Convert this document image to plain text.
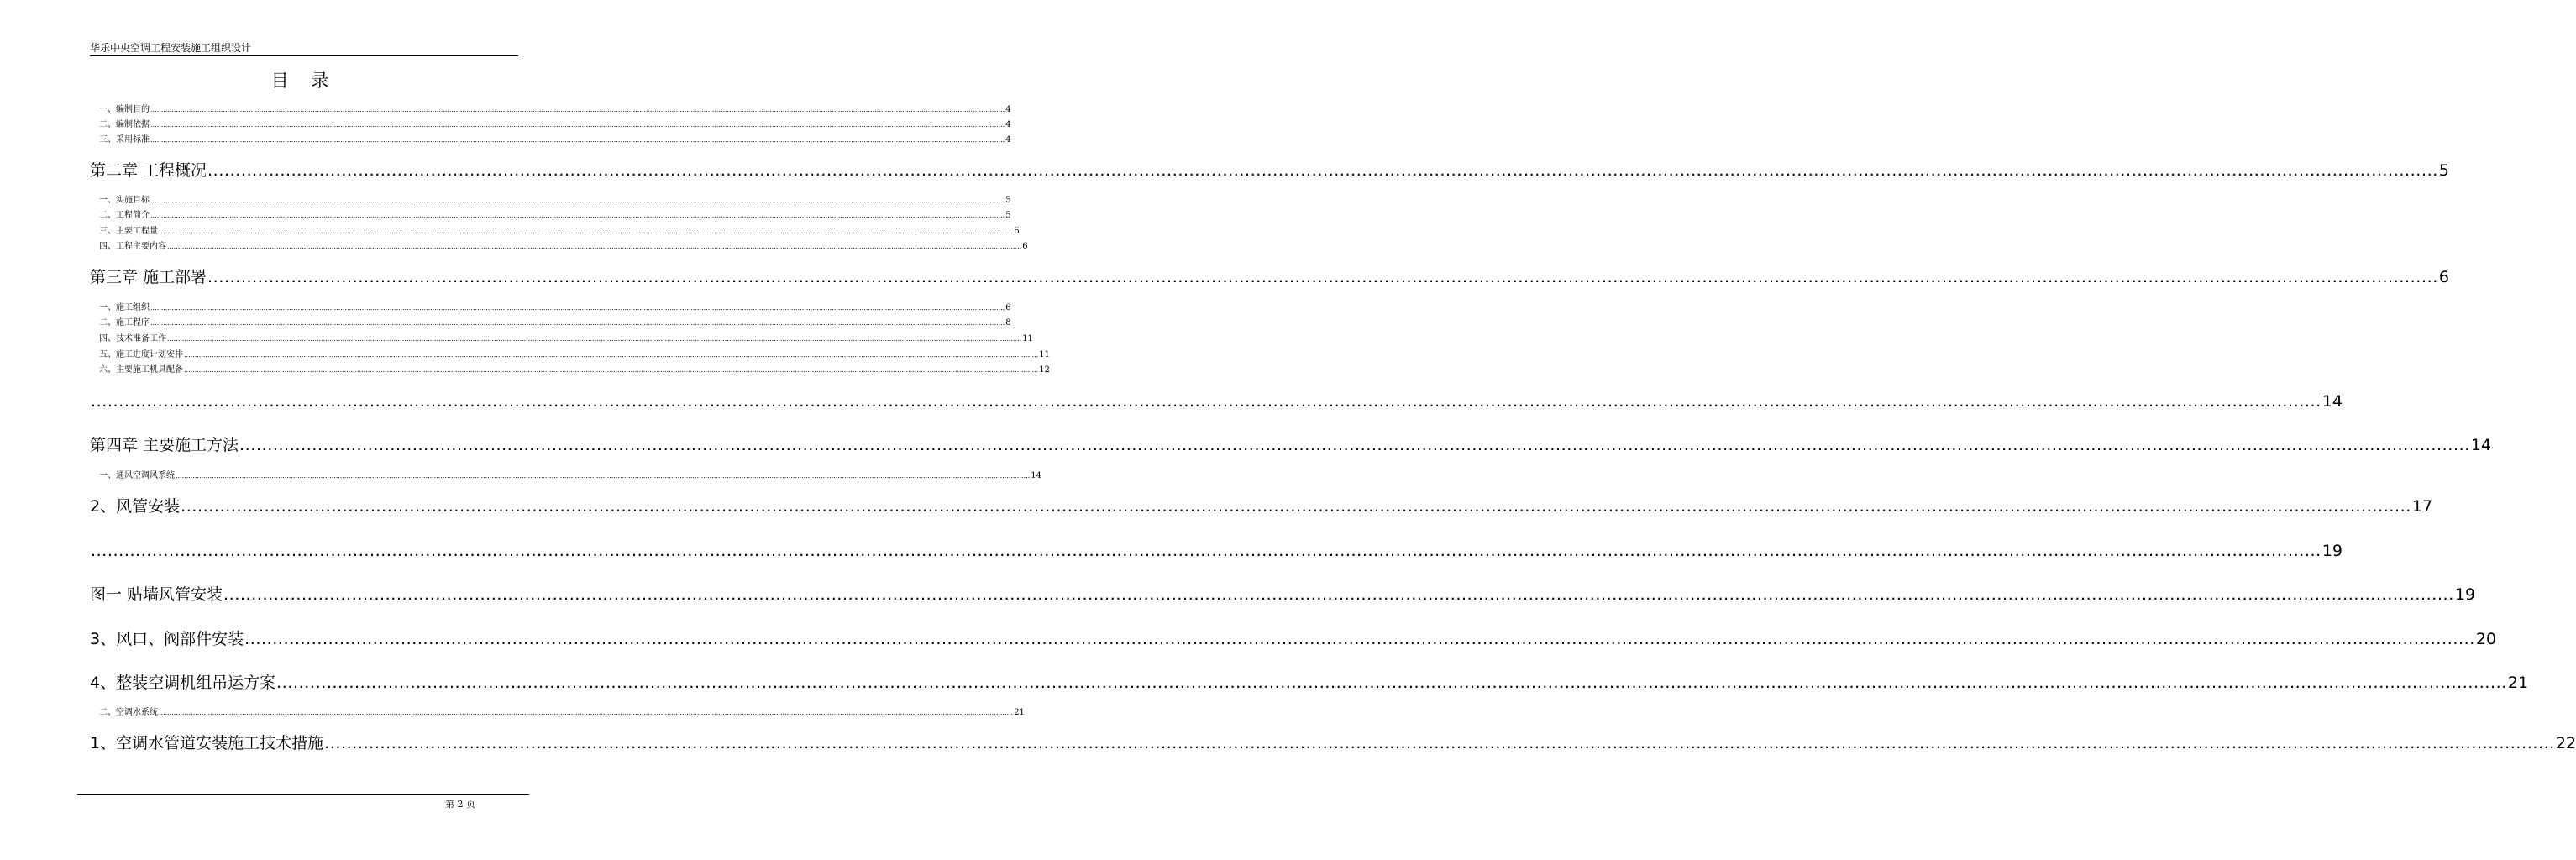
华乐中央空调工程安装施工组织设计
目 录
一、编制目的 ................................................................................................................................................................................................................................................................................................................................................................................................................ 4
二、编制依据 ................................................................................................................................................................................................................................................................................................................................................................................................................ 4
三、采用标准 ................................................................................................................................................................................................................................................................................................................................................................................................................ 4
第二章 工程概况 ................................................................................................................................................................................................................................................................................................................................................................................................................ 5
一、实施目标 ................................................................................................................................................................................................................................................................................................................................................................................................................ 5
二、工程简介 ................................................................................................................................................................................................................................................................................................................................................................................................................ 5
三、主要工程量 ................................................................................................................................................................................................................................................................................................................................................................................................................ 6
四、工程主要内容 ................................................................................................................................................................................................................................................................................................................................................................................................................ 6
第三章 施工部署 ................................................................................................................................................................................................................................................................................................................................................................................................................ 6
一、施工组织 ................................................................................................................................................................................................................................................................................................................................................................................................................ 6
二、施工程序 ................................................................................................................................................................................................................................................................................................................................................................................................................ 8
四、技术准备工作 ................................................................................................................................................................................................................................................................................................................................................................................................................ 11
五、施工进度计划安排 ................................................................................................................................................................................................................................................................................................................................................................................................................ 11
六、主要施工机具配备 ................................................................................................................................................................................................................................................................................................................................................................................................................ 12
................................................................................................................................................................................................................................................................................................................................................................................................................ 14
第四章 主要施工方法 ................................................................................................................................................................................................................................................................................................................................................................................................................ 14
一、通风空调风系统 ................................................................................................................................................................................................................................................................................................................................................................................................................ 14
2、风管安装 ................................................................................................................................................................................................................................................................................................................................................................................................................ 17
................................................................................................................................................................................................................................................................................................................................................................................................................ 19
图一 贴墙风管安装 ................................................................................................................................................................................................................................................................................................................................................................................................................ 19
3、风口、阀部件安装 ................................................................................................................................................................................................................................................................................................................................................................................................................ 20
4、整装空调机组吊运方案 ................................................................................................................................................................................................................................................................................................................................................................................................................ 21
二、空调水系统 ................................................................................................................................................................................................................................................................................................................................................................................................................ 21
1、空调水管道安装施工技术措施 ................................................................................................................................................................................................................................................................................................................................................................................................................ 22
第 2 页
